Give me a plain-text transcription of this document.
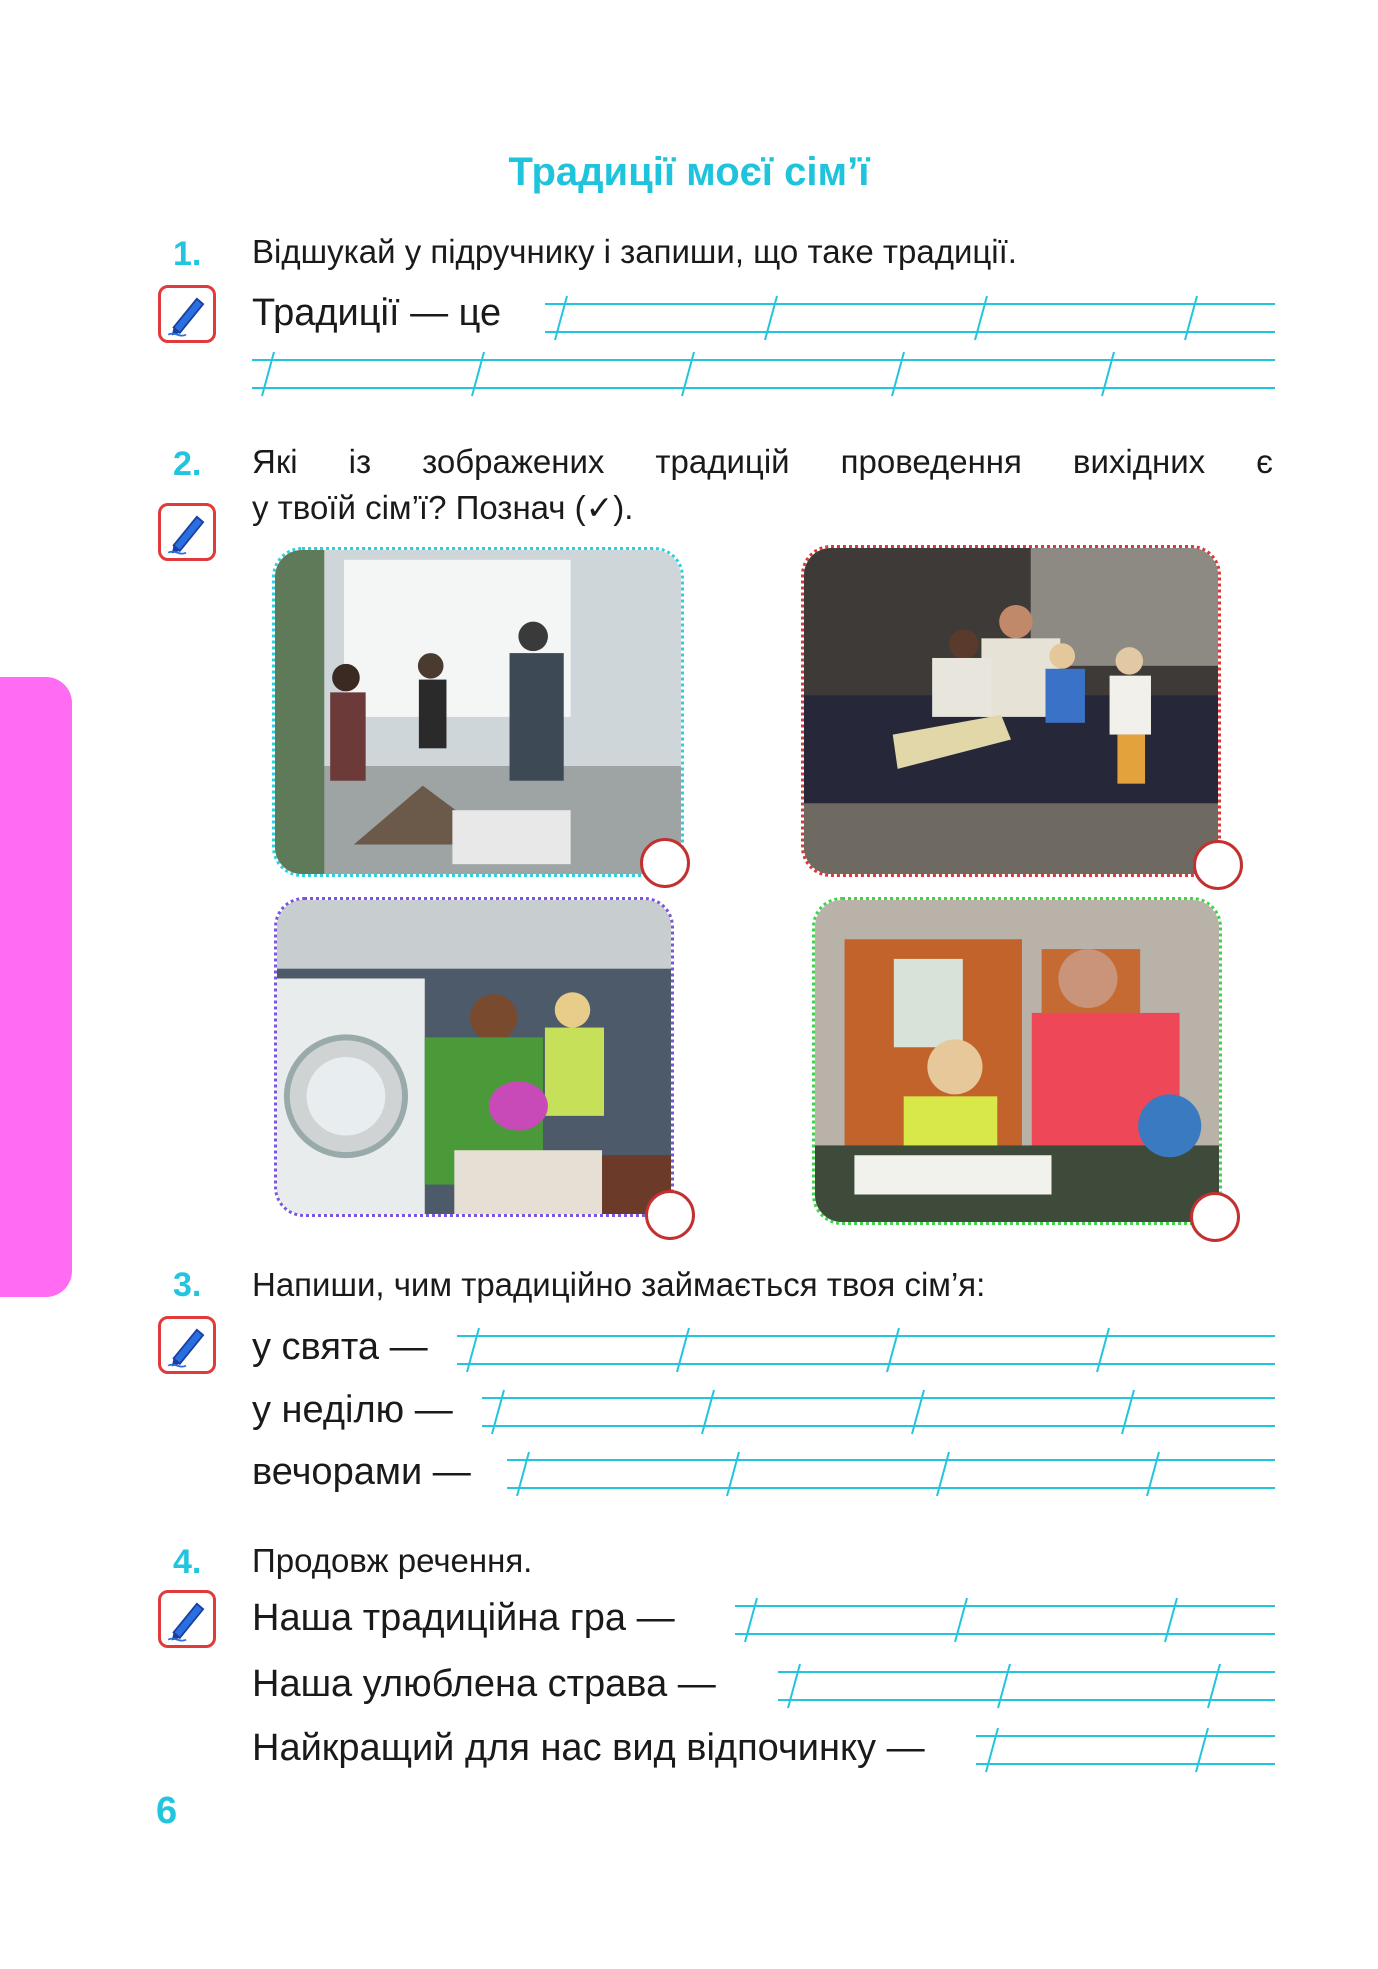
Традиції моєї сім’ї
1. Відшукай у підручнику і запиши, що таке традиції.
Традиції — це
2. Які із зображених традицій проведення вихідних є
у твоїй сім’ї? Познач (✓).
3. Напиши, чим традиційно займається твоя сім’я:
у свята —
у неділю —
вечорами —
4. Продовж речення.
Наша традиційна гра —
Наша улюблена страва —
Найкращий для нас вид відпочинку —
6
